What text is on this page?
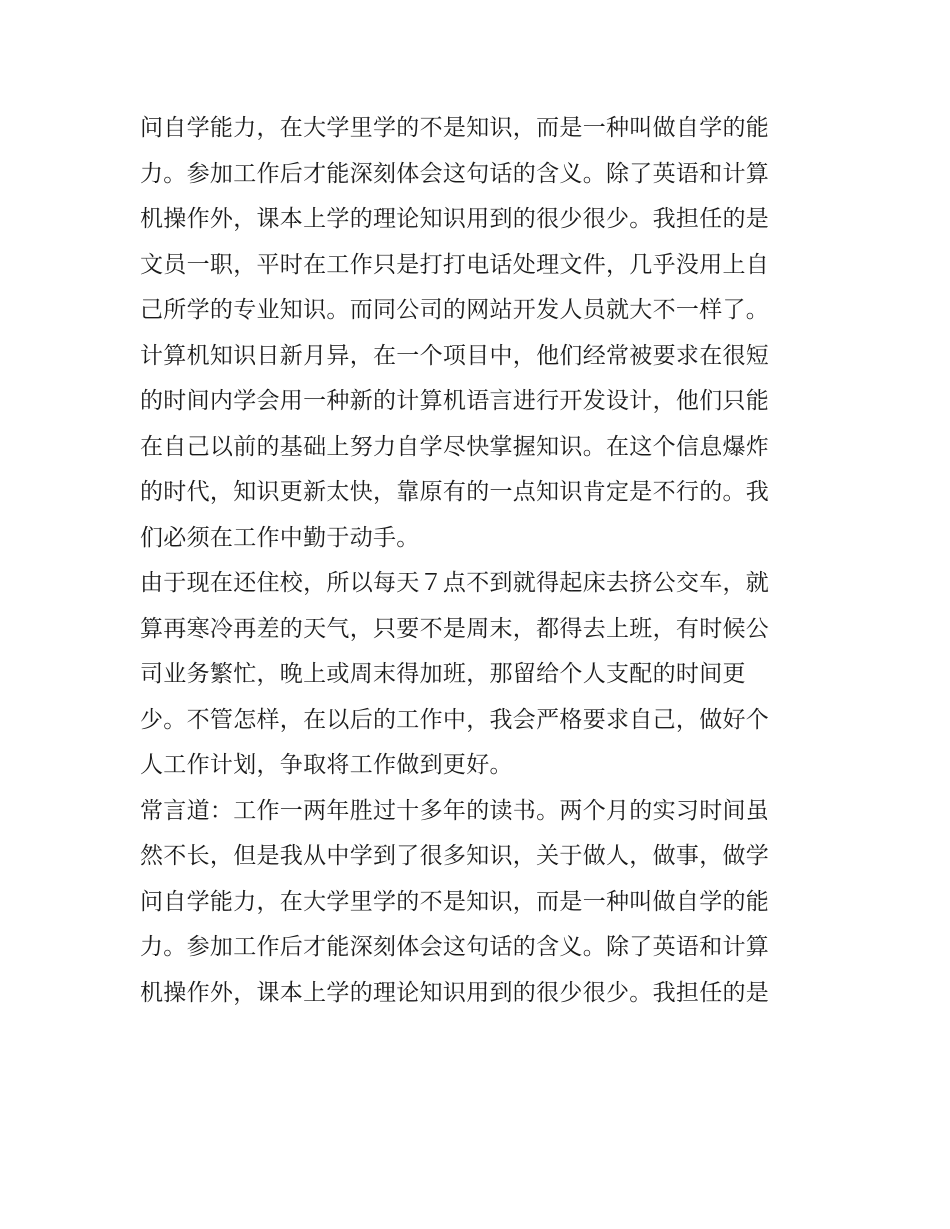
问自学能力，在大学里学的不是知识，而是一种叫做自学的能
力。参加工作后才能深刻体会这句话的含义。除了英语和计算
机操作外，课本上学的理论知识用到的很少很少。我担任的是
文员一职，平时在工作只是打打电话处理文件，几乎没用上自
己所学的专业知识。而同公司的网站开发人员就大不一样了。
计算机知识日新月异，在一个项目中，他们经常被要求在很短
的时间内学会用一种新的计算机语言进行开发设计，他们只能
在自己以前的基础上努力自学尽快掌握知识。在这个信息爆炸
的时代，知识更新太快，靠原有的一点知识肯定是不行的。我
们必须在工作中勤于动手。
由于现在还住校，所以每天７点不到就得起床去挤公交车，就
算再寒冷再差的天气，只要不是周末，都得去上班，有时候公
司业务繁忙，晚上或周末得加班，那留给个人支配的时间更
少。不管怎样，在以后的工作中，我会严格要求自己，做好个
人工作计划，争取将工作做到更好。
常言道：工作一两年胜过十多年的读书。两个月的实习时间虽
然不长，但是我从中学到了很多知识，关于做人，做事，做学
问自学能力，在大学里学的不是知识，而是一种叫做自学的能
力。参加工作后才能深刻体会这句话的含义。除了英语和计算
机操作外，课本上学的理论知识用到的很少很少。我担任的是
